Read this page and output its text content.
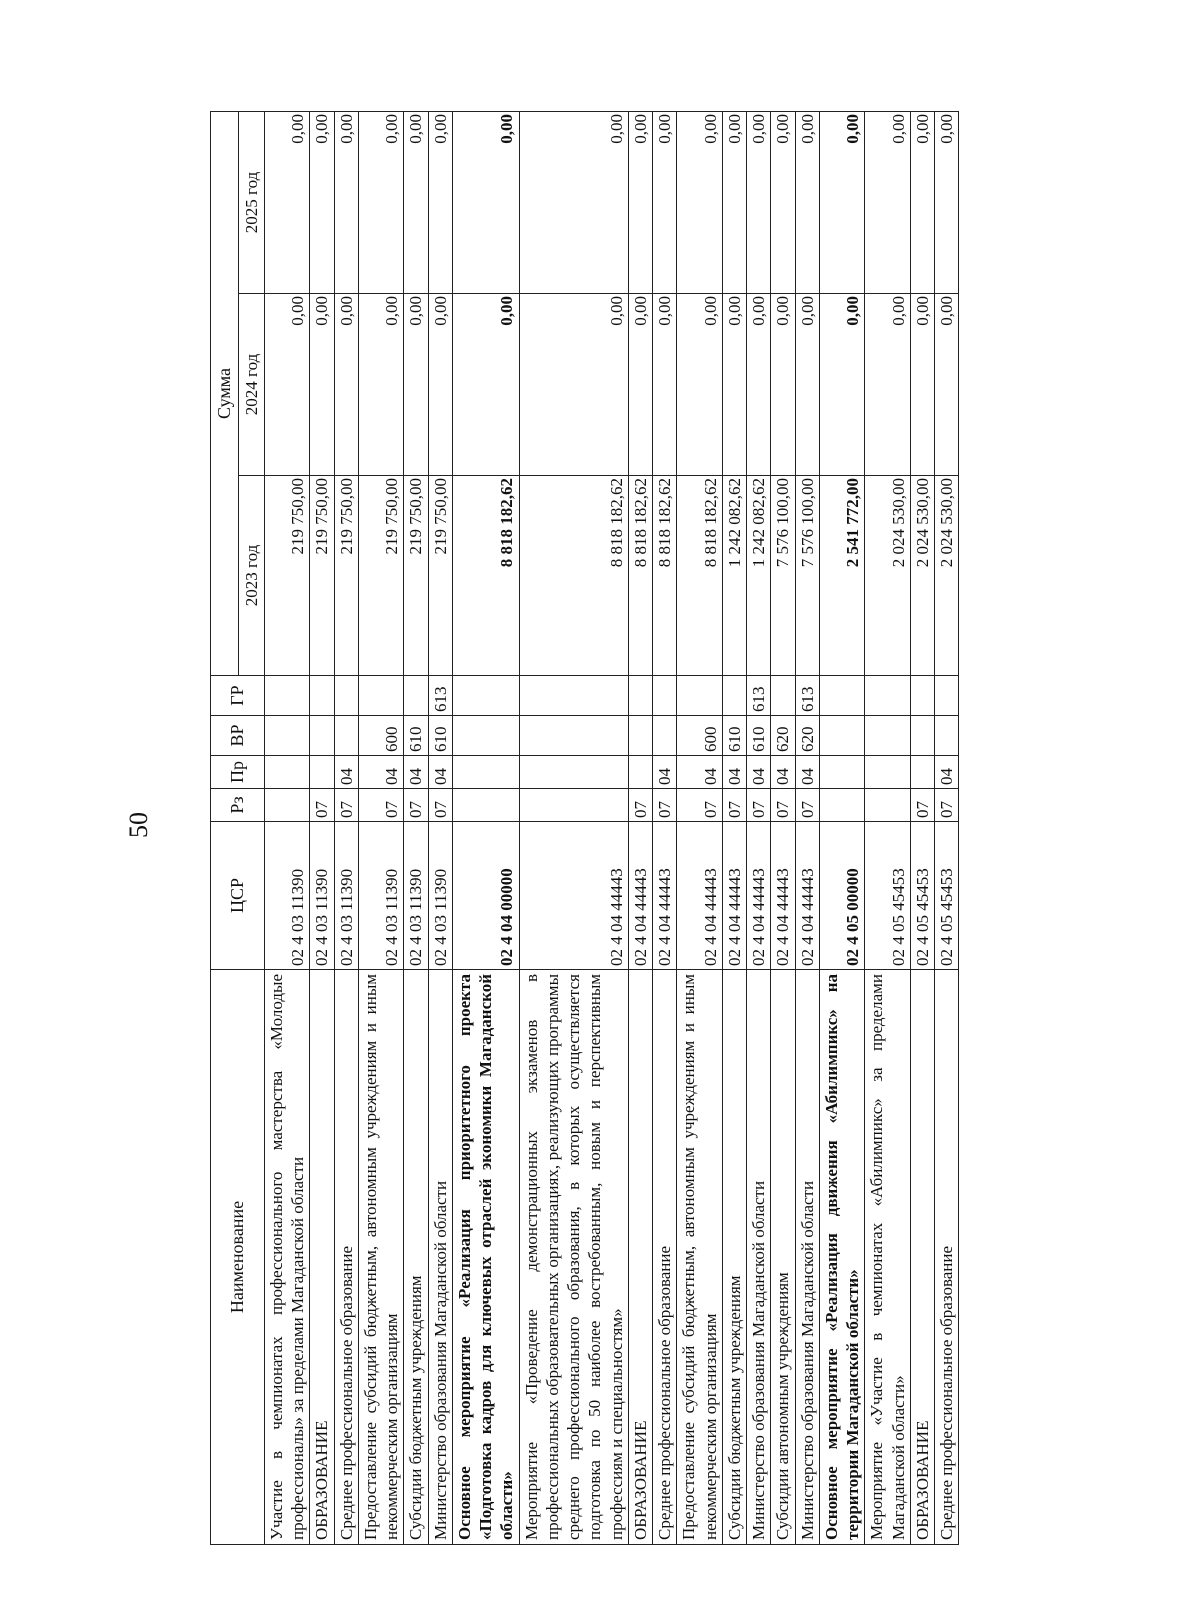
50
Наименование	ЦСР	Рз	Пр	ВР	ГР	Сумма		
						2023 год	2024 год	2025 год
Участие в чемпионатах профессионального мастерства «Молодые профессионалы» за пределами Магаданской области	02 4 03 11390					219 750,00	0,00	0,00
ОБРАЗОВАНИЕ	02 4 03 11390	07				219 750,00	0,00	0,00
Среднее профессиональное образование	02 4 03 11390	07	04			219 750,00	0,00	0,00
Предоставление субсидий бюджетным, автономным учреждениям и иным некоммерческим организациям	02 4 03 11390	07	04	600		219 750,00	0,00	0,00
Субсидии бюджетным учреждениям	02 4 03 11390	07	04	610		219 750,00	0,00	0,00
Министерство образования Магаданской области	02 4 03 11390	07	04	610	613	219 750,00	0,00	0,00
Основное мероприятие «Реализация приоритетного проекта «Подготовка кадров для ключевых отраслей экономики Магаданской области»	02 4 04 00000					8 818 182,62	0,00	0,00
Мероприятие «Проведение демонстрационных экзаменов в профессиональных образовательных организациях, реализующих программы среднего профессионального образования, в которых осуществляется подготовка по 50 наиболее востребованным, новым и перспективным профессиям и специальностям»	02 4 04 44443					8 818 182,62	0,00	0,00
ОБРАЗОВАНИЕ	02 4 04 44443	07				8 818 182,62	0,00	0,00
Среднее профессиональное образование	02 4 04 44443	07	04			8 818 182,62	0,00	0,00
Предоставление субсидий бюджетным, автономным учреждениям и иным некоммерческим организациям	02 4 04 44443	07	04	600		8 818 182,62	0,00	0,00
Субсидии бюджетным учреждениям	02 4 04 44443	07	04	610		1 242 082,62	0,00	0,00
Министерство образования Магаданской области	02 4 04 44443	07	04	610	613	1 242 082,62	0,00	0,00
Субсидии автономным учреждениям	02 4 04 44443	07	04	620		7 576 100,00	0,00	0,00
Министерство образования Магаданской области	02 4 04 44443	07	04	620	613	7 576 100,00	0,00	0,00
Основное мероприятие «Реализация движения «Абилимпикс» на территории Магаданской области»	02 4 05 00000					2 541 772,00	0,00	0,00
Мероприятие «Участие в чемпионатах «Абилимпикс» за пределами Магаданской области»	02 4 05 45453					2 024 530,00	0,00	0,00
ОБРАЗОВАНИЕ	02 4 05 45453	07				2 024 530,00	0,00	0,00
Среднее профессиональное образование	02 4 05 45453	07	04			2 024 530,00	0,00	0,00
